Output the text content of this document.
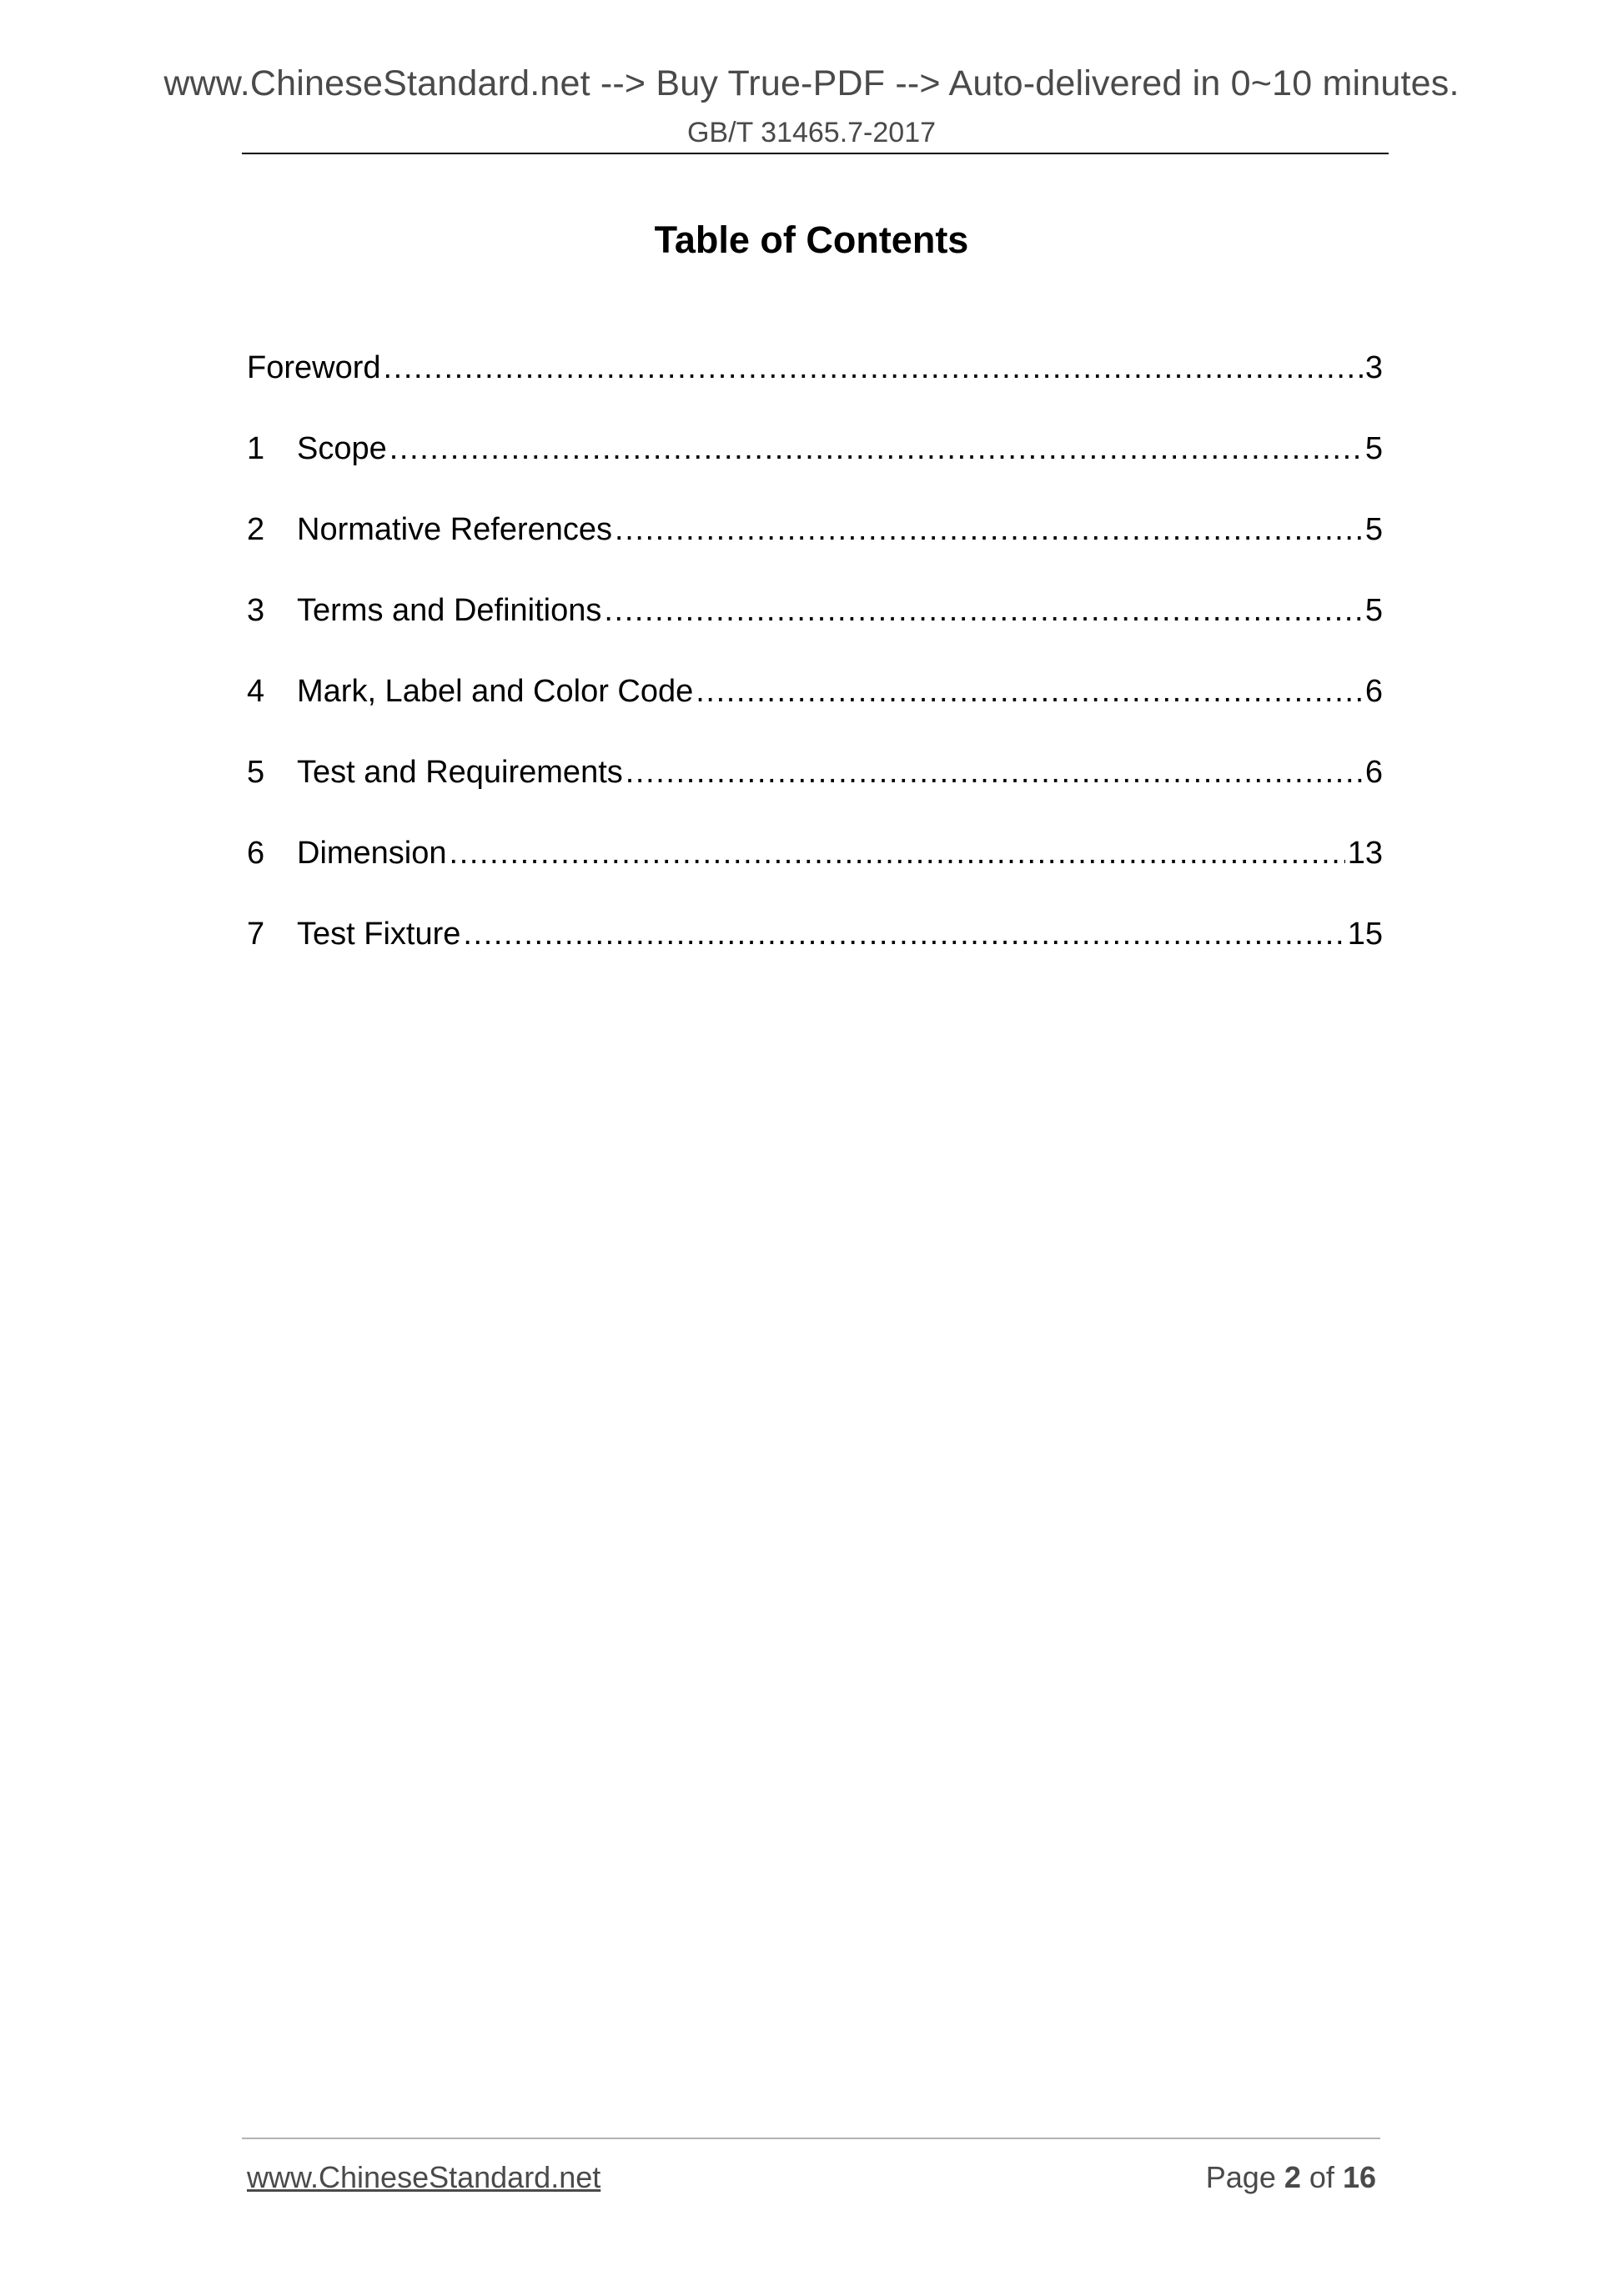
www.ChineseStandard.net --> Buy True-PDF --> Auto-delivered in 0~10 minutes.
GB/T 31465.7-2017
Table of Contents
Foreword .....	3
1	Scope .....	5
2	Normative References .....	5
3	Terms and Definitions .....	5
4	Mark, Label and Color Code .....	6
5	Test and Requirements .....	6
6	Dimension .....	13
7	Test Fixture .....	15
www.ChineseStandard.net	Page 2 of 16
